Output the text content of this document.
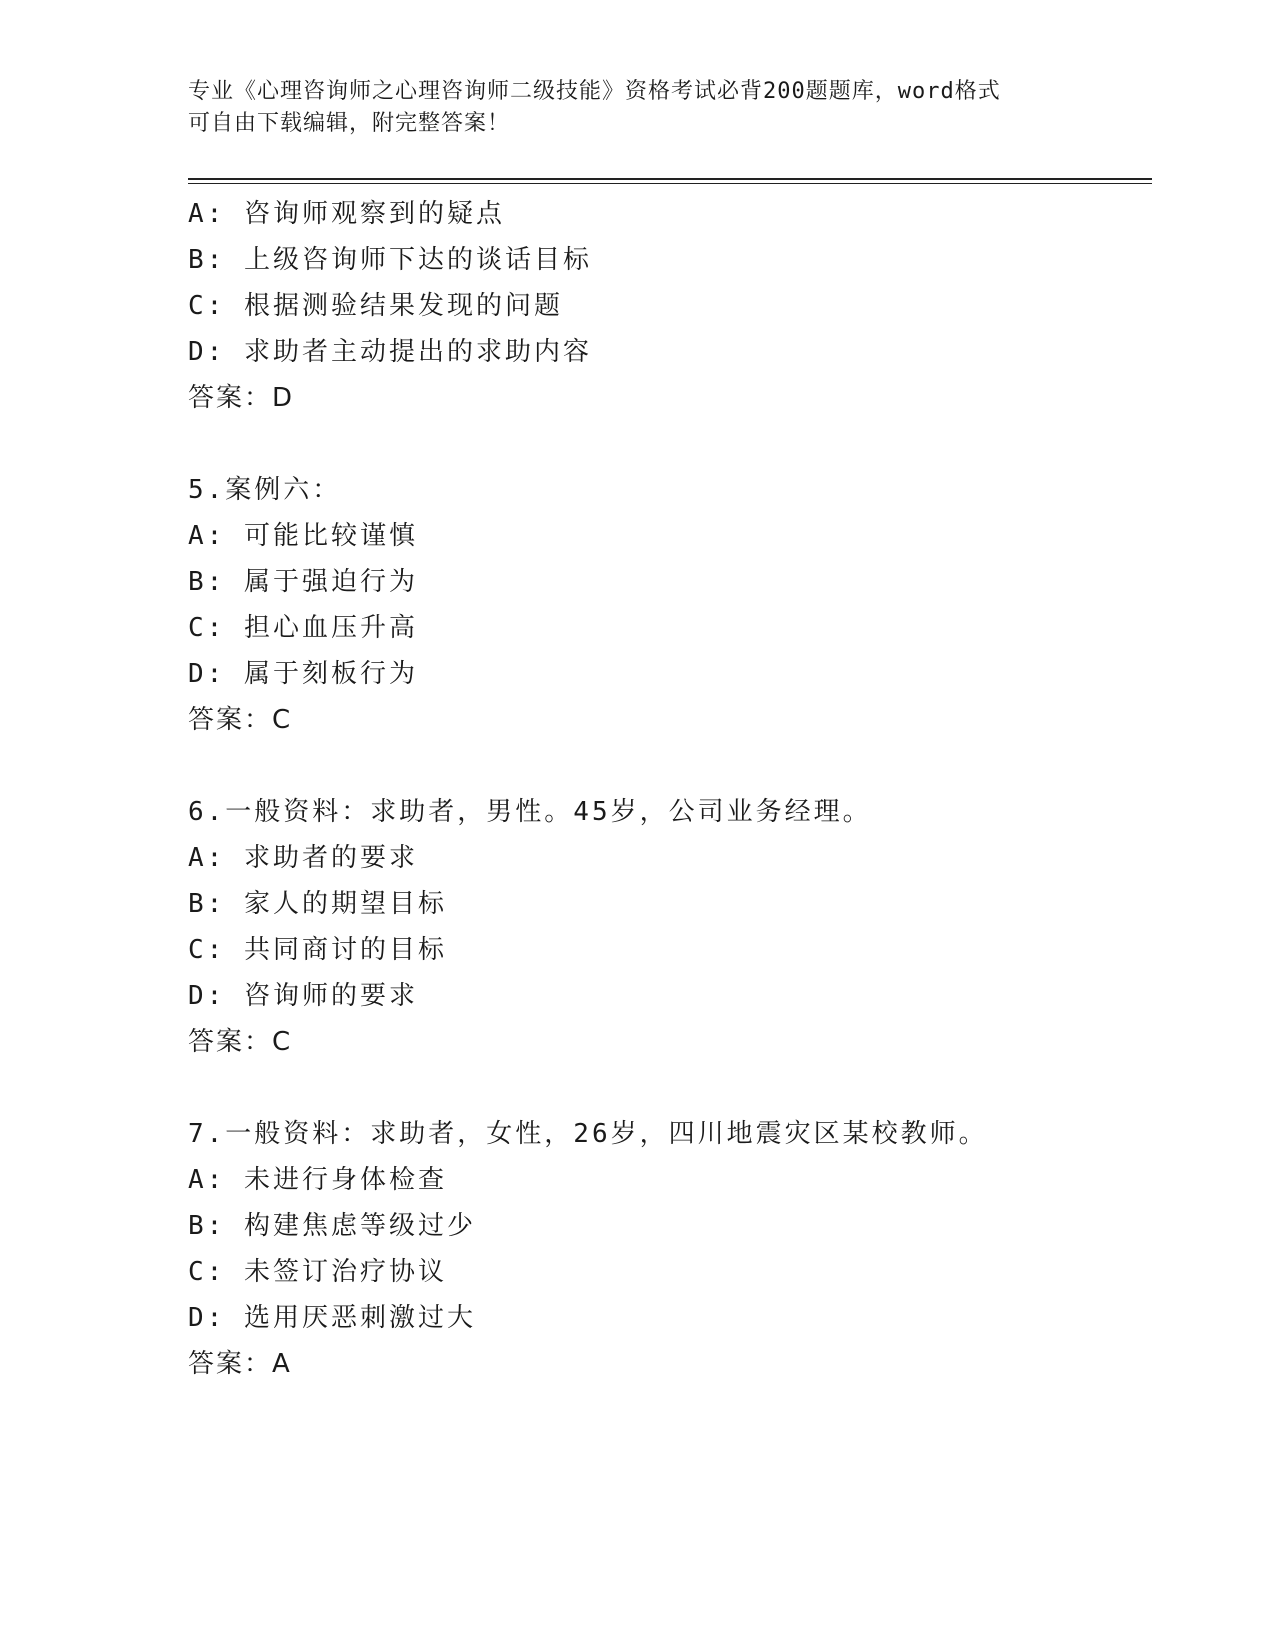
专业《心理咨询师之心理咨询师二级技能》资格考试必背200题题库，word格式
可自由下载编辑，附完整答案！
A: 咨询师观察到的疑点
B: 上级咨询师下达的谈话目标
C: 根据测验结果发现的问题
D: 求助者主动提出的求助内容
答案：D
5.案例六：
A: 可能比较谨慎
B: 属于强迫行为
C: 担心血压升高
D: 属于刻板行为
答案：C
6.一般资料：求助者，男性。45岁，公司业务经理。
A: 求助者的要求
B: 家人的期望目标
C: 共同商讨的目标
D: 咨询师的要求
答案：C
7.一般资料：求助者，女性，26岁，四川地震灾区某校教师。
A: 未进行身体检查
B: 构建焦虑等级过少
C: 未签订治疗协议
D: 选用厌恶刺激过大
答案：A
